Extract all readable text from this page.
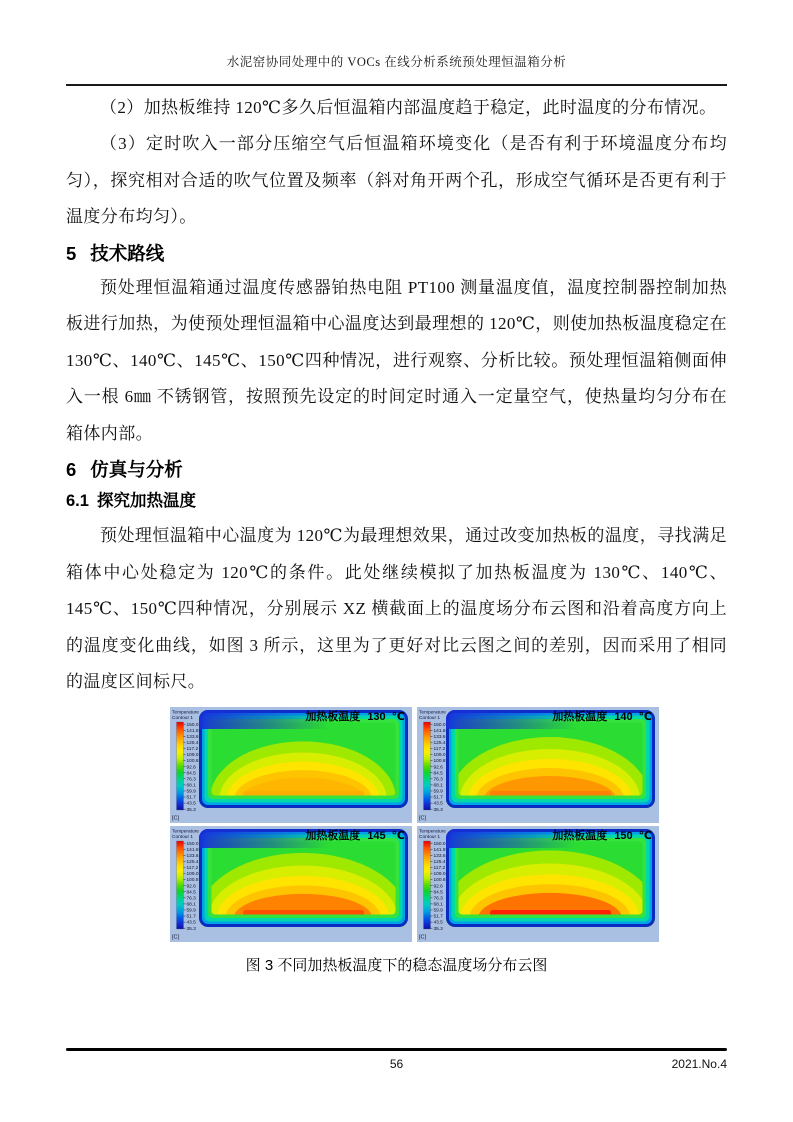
水泥窑协同处理中的 VOCs 在线分析系统预处理恒温箱分析

（2）加热板维持 120℃多久后恒温箱内部温度趋于稳定，此时温度的分布情况。

（3）定时吹入一部分压缩空气后恒温箱环境变化（是否有利于环境温度分布均匀），探究相对合适的吹气位置及频率（斜对角开两个孔，形成空气循环是否更有利于温度分布均匀）。

5 技术路线

预处理恒温箱通过温度传感器铂热电阻 PT100 测量温度值，温度控制器控制加热板进行加热，为使预处理恒温箱中心温度达到最理想的 120℃，则使加热板温度稳定在 130℃、140℃、145℃、150℃四种情况，进行观察、分析比较。预处理恒温箱侧面伸入一根 6㎜ 不锈钢管，按照预先设定的时间定时通入一定量空气，使热量均匀分布在箱体内部。

6 仿真与分析
6.1 探究加热温度

预处理恒温箱中心温度为 120℃为最理想效果，通过改变加热板的温度，寻找满足箱体中心处稳定为 120℃的条件。此处继续模拟了加热板温度为 130℃、140℃、145℃、150℃四种情况，分别展示 XZ 横截面上的温度场分布云图和沿着高度方向上的温度变化曲线，如图 3 所示，这里为了更好对比云图之间的差别，因而采用了相同的温度区间标尺。

Temperature
Contour 1
150.0
141.8
133.6
125.4
117.2
109.0
100.8
92.6
84.5
76.3
68.1
59.9
51.7
43.5
35.3
[C]
加热板温度 130 ℃	Temperature
Contour 1
150.0
141.8
133.6
125.4
117.2
109.0
100.8
92.6
84.5
76.3
68.1
59.9
51.7
43.5
35.3
[C]
加热板温度 140 ℃
Temperature
Contour 1
150.0
141.8
133.6
125.4
117.2
109.0
100.8
92.6
84.5
76.3
68.1
59.9
51.7
43.5
35.3
[C]
加热板温度 145 ℃	Temperature
Contour 1
150.0
141.8
133.6
125.4
117.2
109.0
100.8
92.6
84.5
76.3
68.1
59.9
51.7
43.5
35.3
[C]
加热板温度 150 ℃
图 3 不同加热板温度下的稳态温度场分布云图
56	2021.No.4
